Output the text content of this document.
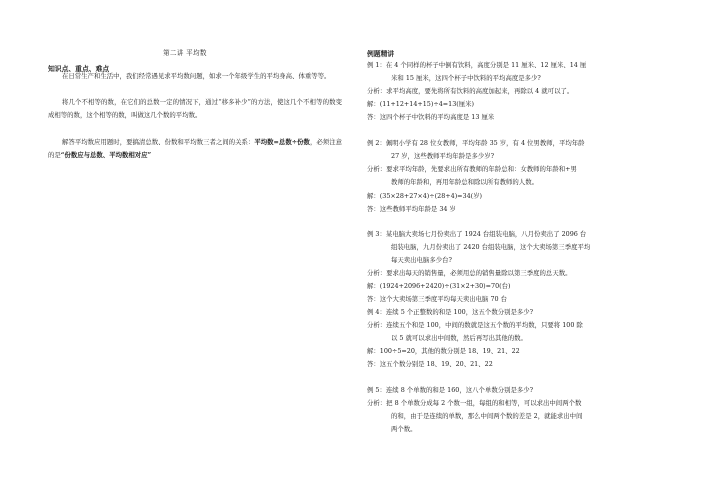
第二讲 平均数
知识点、重点、难点
在日常生产和生活中，我们经常遇见求平均数问题，如求一个年级学生的平均身高、体重等等。
将几个不相等的数，在它们的总数一定的情况下，通过“移多补少”的方法，使这几个不相等的数变成相等的数，这个相等的数，叫做这几个数的平均数。
解答平均数应用题时，要搞清总数、份数和平均数三者之间的关系：平均数=总数÷份数，必须注意的是“份数应与总数、平均数相对应”
例题精讲
例 1：在 4 个同样的杯子中倒有饮料，高度分别是 11 厘米、12 厘米、14 厘
米和 15 厘米，这四个杯子中饮料的平均高度是多少?
分析：求平均高度，要先将所有饮料的高度加起来，再除以 4 就可以了。
解：(11+12+14+15)÷4=13(厘米)
答：这四个杯子中饮料的平均高度是 13 厘米
例 2：佩明小学有 28 位女教师，平均年龄 35 岁，有 4 位男教师，平均年龄
27 岁，这些教师平均年龄是多少岁?
分析：要求平均年龄，先要求出所有教师的年龄总和：女教师的年龄和+男
教师的年龄和，再用年龄总和除以所有教师的人数。
解：(35×28+27×4)÷(28+4)=34(岁)
答：这些教师平均年龄是 34 岁
例 3：某电脑大卖场七月份卖出了 1924 台组装电脑，八月份卖出了 2096 台
组装电脑，九月份卖出了 2420 台组装电脑，这个大卖场第三季度平均
每天卖出电脑多少台?
分析：要求出每天的销售量，必须用总的销售量除以第三季度的总天数。
解：(1924+2096+2420)÷(31×2+30)=70(台)
答：这个大卖场第三季度平均每天卖出电脑 70 台
例 4：连续 5 个正整数的和是 100，这五个数分别是多少?
分析：连续五个和是 100，中间的数就是这五个数的平均数，只要将 100 除
以 5 就可以求出中间数，然后再写出其他的数。
解：100÷5=20，其他的数分别是 18、19、21、22
答：这五个数分别是 18、19、20、21、22
例 5：连续 8 个单数的和是 160，这八个单数分别是多少?
分析：把 8 个单数分成每 2 个数一组，每组的和相等，可以求出中间两个数
的和，由于是连续的单数，那么中间两个数的差是 2，就能求出中间
两个数。
